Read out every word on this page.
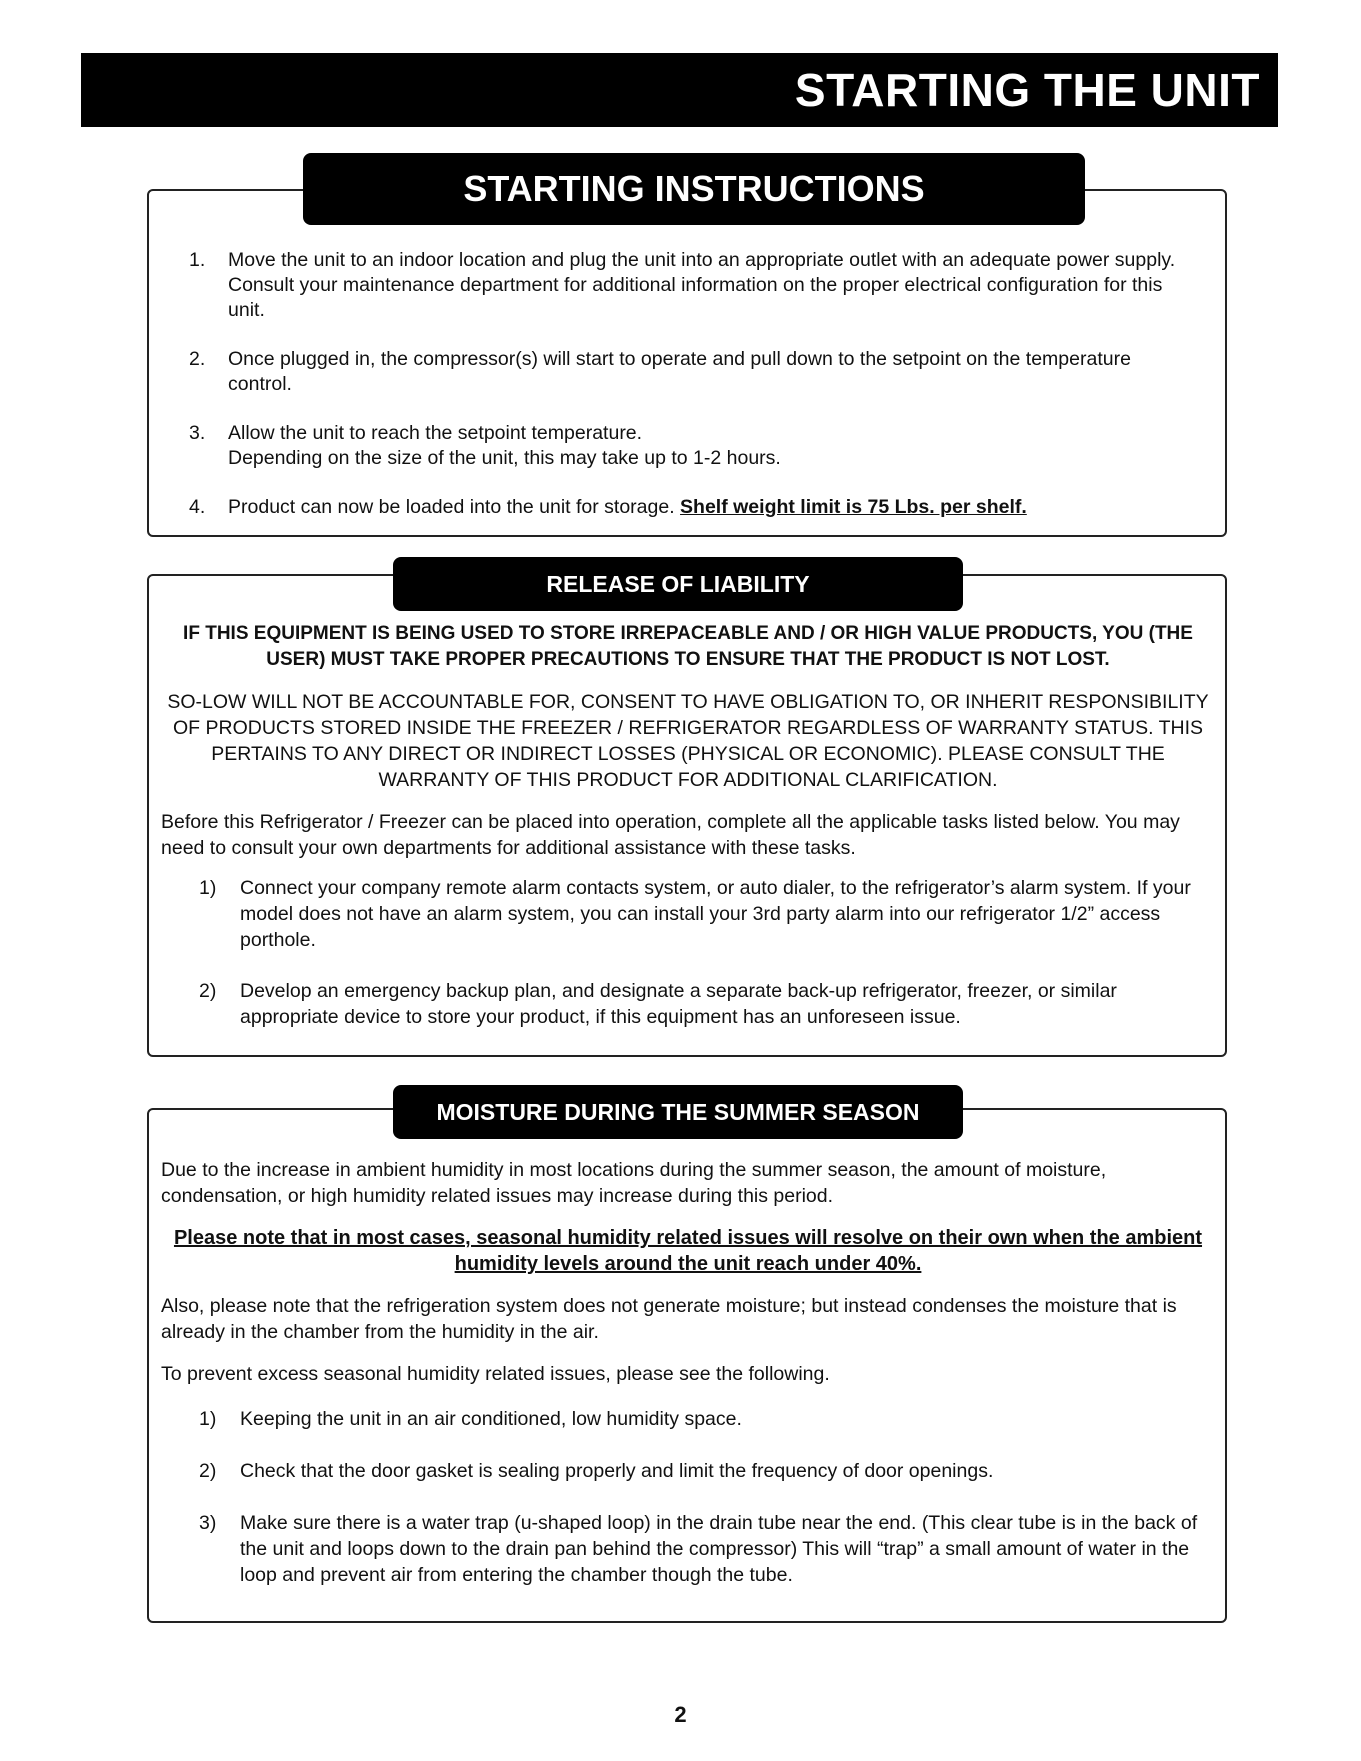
STARTING THE UNIT
STARTING INSTRUCTIONS
1. Move the unit to an indoor location and plug the unit into an appropriate outlet with an adequate power supply. Consult your maintenance department for additional information on the proper electrical configuration for this unit.
2. Once plugged in, the compressor(s) will start to operate and pull down to the setpoint on the temperature control.
3. Allow the unit to reach the setpoint temperature.
Depending on the size of the unit, this may take up to 1-2 hours.
4. Product can now be loaded into the unit for storage. Shelf weight limit is 75 Lbs. per shelf.
RELEASE OF LIABILITY

IF THIS EQUIPMENT IS BEING USED TO STORE IRREPACEABLE AND / OR HIGH VALUE PRODUCTS, YOU (THE USER) MUST TAKE PROPER PRECAUTIONS TO ENSURE THAT THE PRODUCT IS NOT LOST.

SO-LOW WILL NOT BE ACCOUNTABLE FOR, CONSENT TO HAVE OBLIGATION TO, OR INHERIT RESPONSIBILITY OF PRODUCTS STORED INSIDE THE FREEZER / REFRIGERATOR REGARDLESS OF WARRANTY STATUS. THIS PERTAINS TO ANY DIRECT OR INDIRECT LOSSES (PHYSICAL OR ECONOMIC). PLEASE CONSULT THE WARRANTY OF THIS PRODUCT FOR ADDITIONAL CLARIFICATION.

Before this Refrigerator / Freezer can be placed into operation, complete all the applicable tasks listed below. You may need to consult your own departments for additional assistance with these tasks.

1) Connect your company remote alarm contacts system, or auto dialer, to the refrigerator’s alarm system. If your model does not have an alarm system, you can install your 3rd party alarm into our refrigerator 1/2” access porthole.
2) Develop an emergency backup plan, and designate a separate back-up refrigerator, freezer, or similar appropriate device to store your product, if this equipment has an unforeseen issue.
MOISTURE DURING THE SUMMER SEASON

Due to the increase in ambient humidity in most locations during the summer season, the amount of moisture, condensation, or high humidity related issues may increase during this period.

Please note that in most cases, seasonal humidity related issues will resolve on their own when the ambient humidity levels around the unit reach under 40%.

Also, please note that the refrigeration system does not generate moisture; but instead condenses the moisture that is already in the chamber from the humidity in the air.

To prevent excess seasonal humidity related issues, please see the following.

1) Keeping the unit in an air conditioned, low humidity space.
2) Check that the door gasket is sealing properly and limit the frequency of door openings.
3) Make sure there is a water trap (u-shaped loop) in the drain tube near the end. (This clear tube is in the back of the unit and loops down to the drain pan behind the compressor) This will “trap” a small amount of water in the loop and prevent air from entering the chamber though the tube.
2
